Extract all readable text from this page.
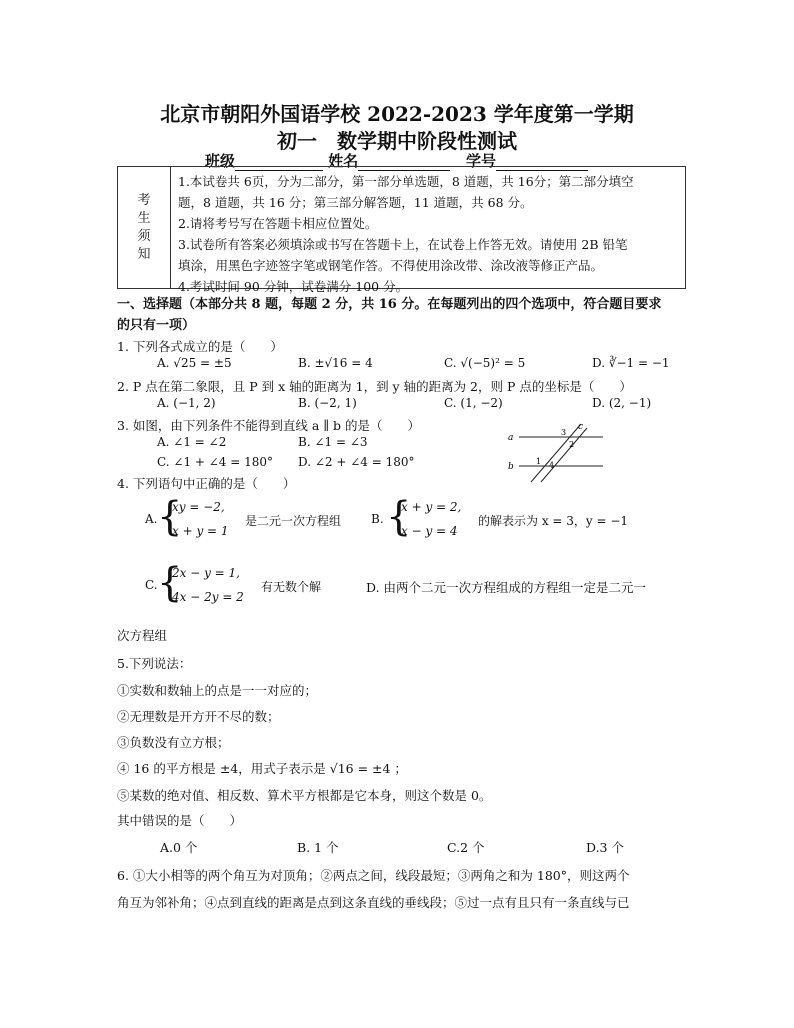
北京市朝阳外国语学校 2022-2023 学年度第一学期
初一　数学期中阶段性测试
班级	姓名	学号
考
生
须
知
1.本试卷共 6页，分为二部分，第一部分单选题，8 道题，共 16分；第二部分填空
题，8 道题，共 16 分；第三部分解答题，11 道题，共 68 分。
2.请将考号写在答题卡相应位置处。
3.试卷所有答案必须填涂或书写在答题卡上，在试卷上作答无效。请使用 2B 铅笔
填涂，用黑色字迹签字笔或钢笔作答。不得使用涂改带、涂改液等修正产品。
4.考试时间 90 分钟，试卷满分 100 分。
一、选择题（本部分共 8 题，每题 2 分，共 16 分。在每题列出的四个选项中，符合题目要求
的只有一项）
1. 下列各式成立的是（　　）
A. √25 = ±5	B. ±√16 = 4	C. √(−5)² = 5	D. ∛−1 = −1
2. P 点在第二象限，且 P 到 x 轴的距离为 1，到 y 轴的距离为 2，则 P 点的坐标是（　　）
A. (−1, 2)	B. (−2, 1)	C. (1, −2)	D. (2, −1)
3. 如图，由下列条件不能得到直线 a ∥ b 的是（　　）
A. ∠1 = ∠2	B. ∠1 = ∠3
C. ∠1 + ∠4 = 180° D. ∠2 + ∠4 = 180°
a
b
c
3
2
1 4
4. 下列语句中正确的是（　　）
A. {
xy = −2,
x + y = 1
是二元一次方程组 B. {
x + y = 2,
x − y = 4
的解表示为 x = 3，y = −1
C. {
2x − y = 1,
4x − 2y = 2
有无数个解	D. 由两个二元一次方程组成的方程组一定是二元一
次方程组
5.下列说法：
①实数和数轴上的点是一一对应的；
②无理数是开方开不尽的数；
③负数没有立方根；
④ 16 的平方根是 ±4，用式子表示是 √16 = ±4 ；
⑤某数的绝对值、相反数、算术平方根都是它本身，则这个数是 0。
其中错误的是（　　）
A.0 个	B. 1 个	C.2 个	D.3 个
6. ①大小相等的两个角互为对顶角；②两点之间，线段最短；③两角之和为 180°，则这两个
角互为邻补角；④点到直线的距离是点到这条直线的垂线段；⑤过一点有且只有一条直线与已
